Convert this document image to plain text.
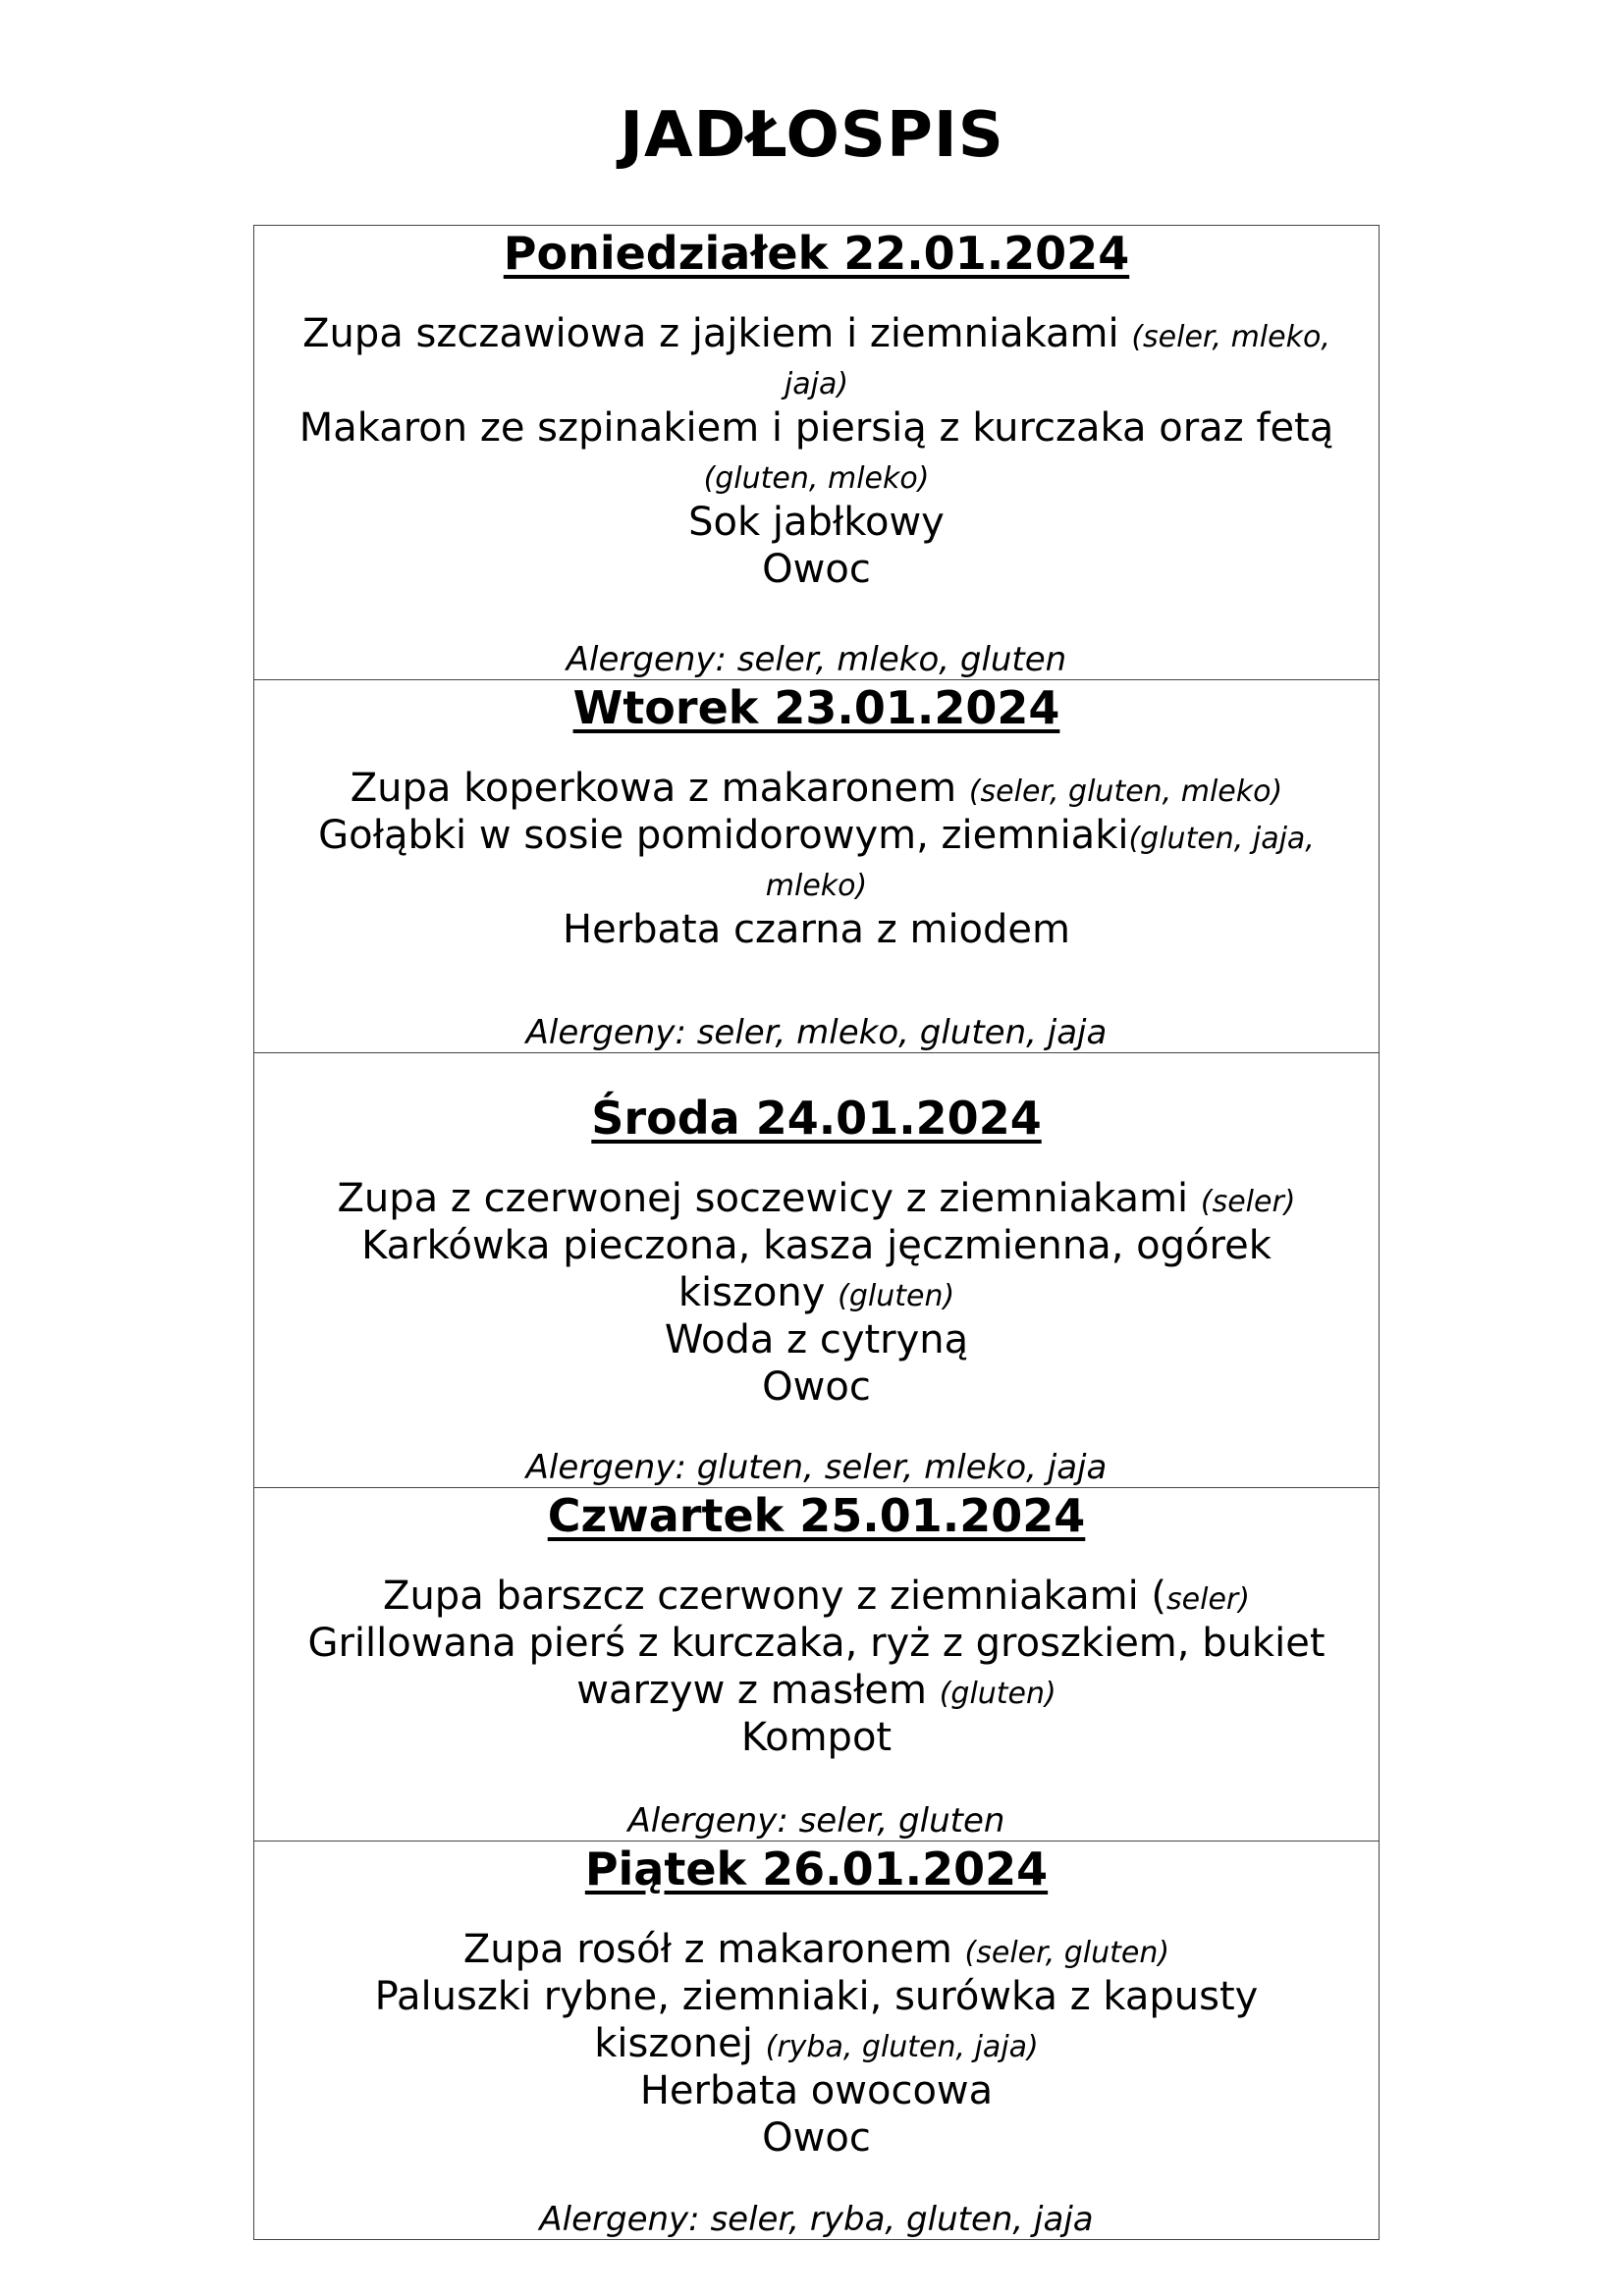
JADŁOSPIS
Poniedziałek 22.01.2024
Zupa szczawiowa z jajkiem i ziemniakami (seler, mleko, jaja)
Makaron ze szpinakiem i piersią z kurczaka oraz fetą (gluten, mleko)
Sok jabłkowy
Owoc
Alergeny: seler, mleko, gluten
Wtorek 23.01.2024
Zupa koperkowa z makaronem (seler, gluten, mleko)
Gołąbki w sosie pomidorowym, ziemniaki(gluten, jaja, mleko)
Herbata czarna z miodem
Alergeny: seler, mleko, gluten, jaja
Środa 24.01.2024
Zupa z czerwonej soczewicy z ziemniakami (seler)
Karkówka pieczona, kasza jęczmienna, ogórek kiszony (gluten)
Woda z cytryną
Owoc
Alergeny: gluten, seler, mleko, jaja
Czwartek 25.01.2024
Zupa barszcz czerwony z ziemniakami (seler)
Grillowana pierś z kurczaka, ryż z groszkiem, bukiet warzyw z masłem (gluten)
Kompot
Alergeny: seler, gluten
Piątek 26.01.2024
Zupa rosół z makaronem (seler, gluten)
Paluszki rybne, ziemniaki, surówka z kapusty kiszonej (ryba, gluten, jaja)
Herbata owocowa
Owoc
Alergeny: seler, ryba, gluten, jaja
